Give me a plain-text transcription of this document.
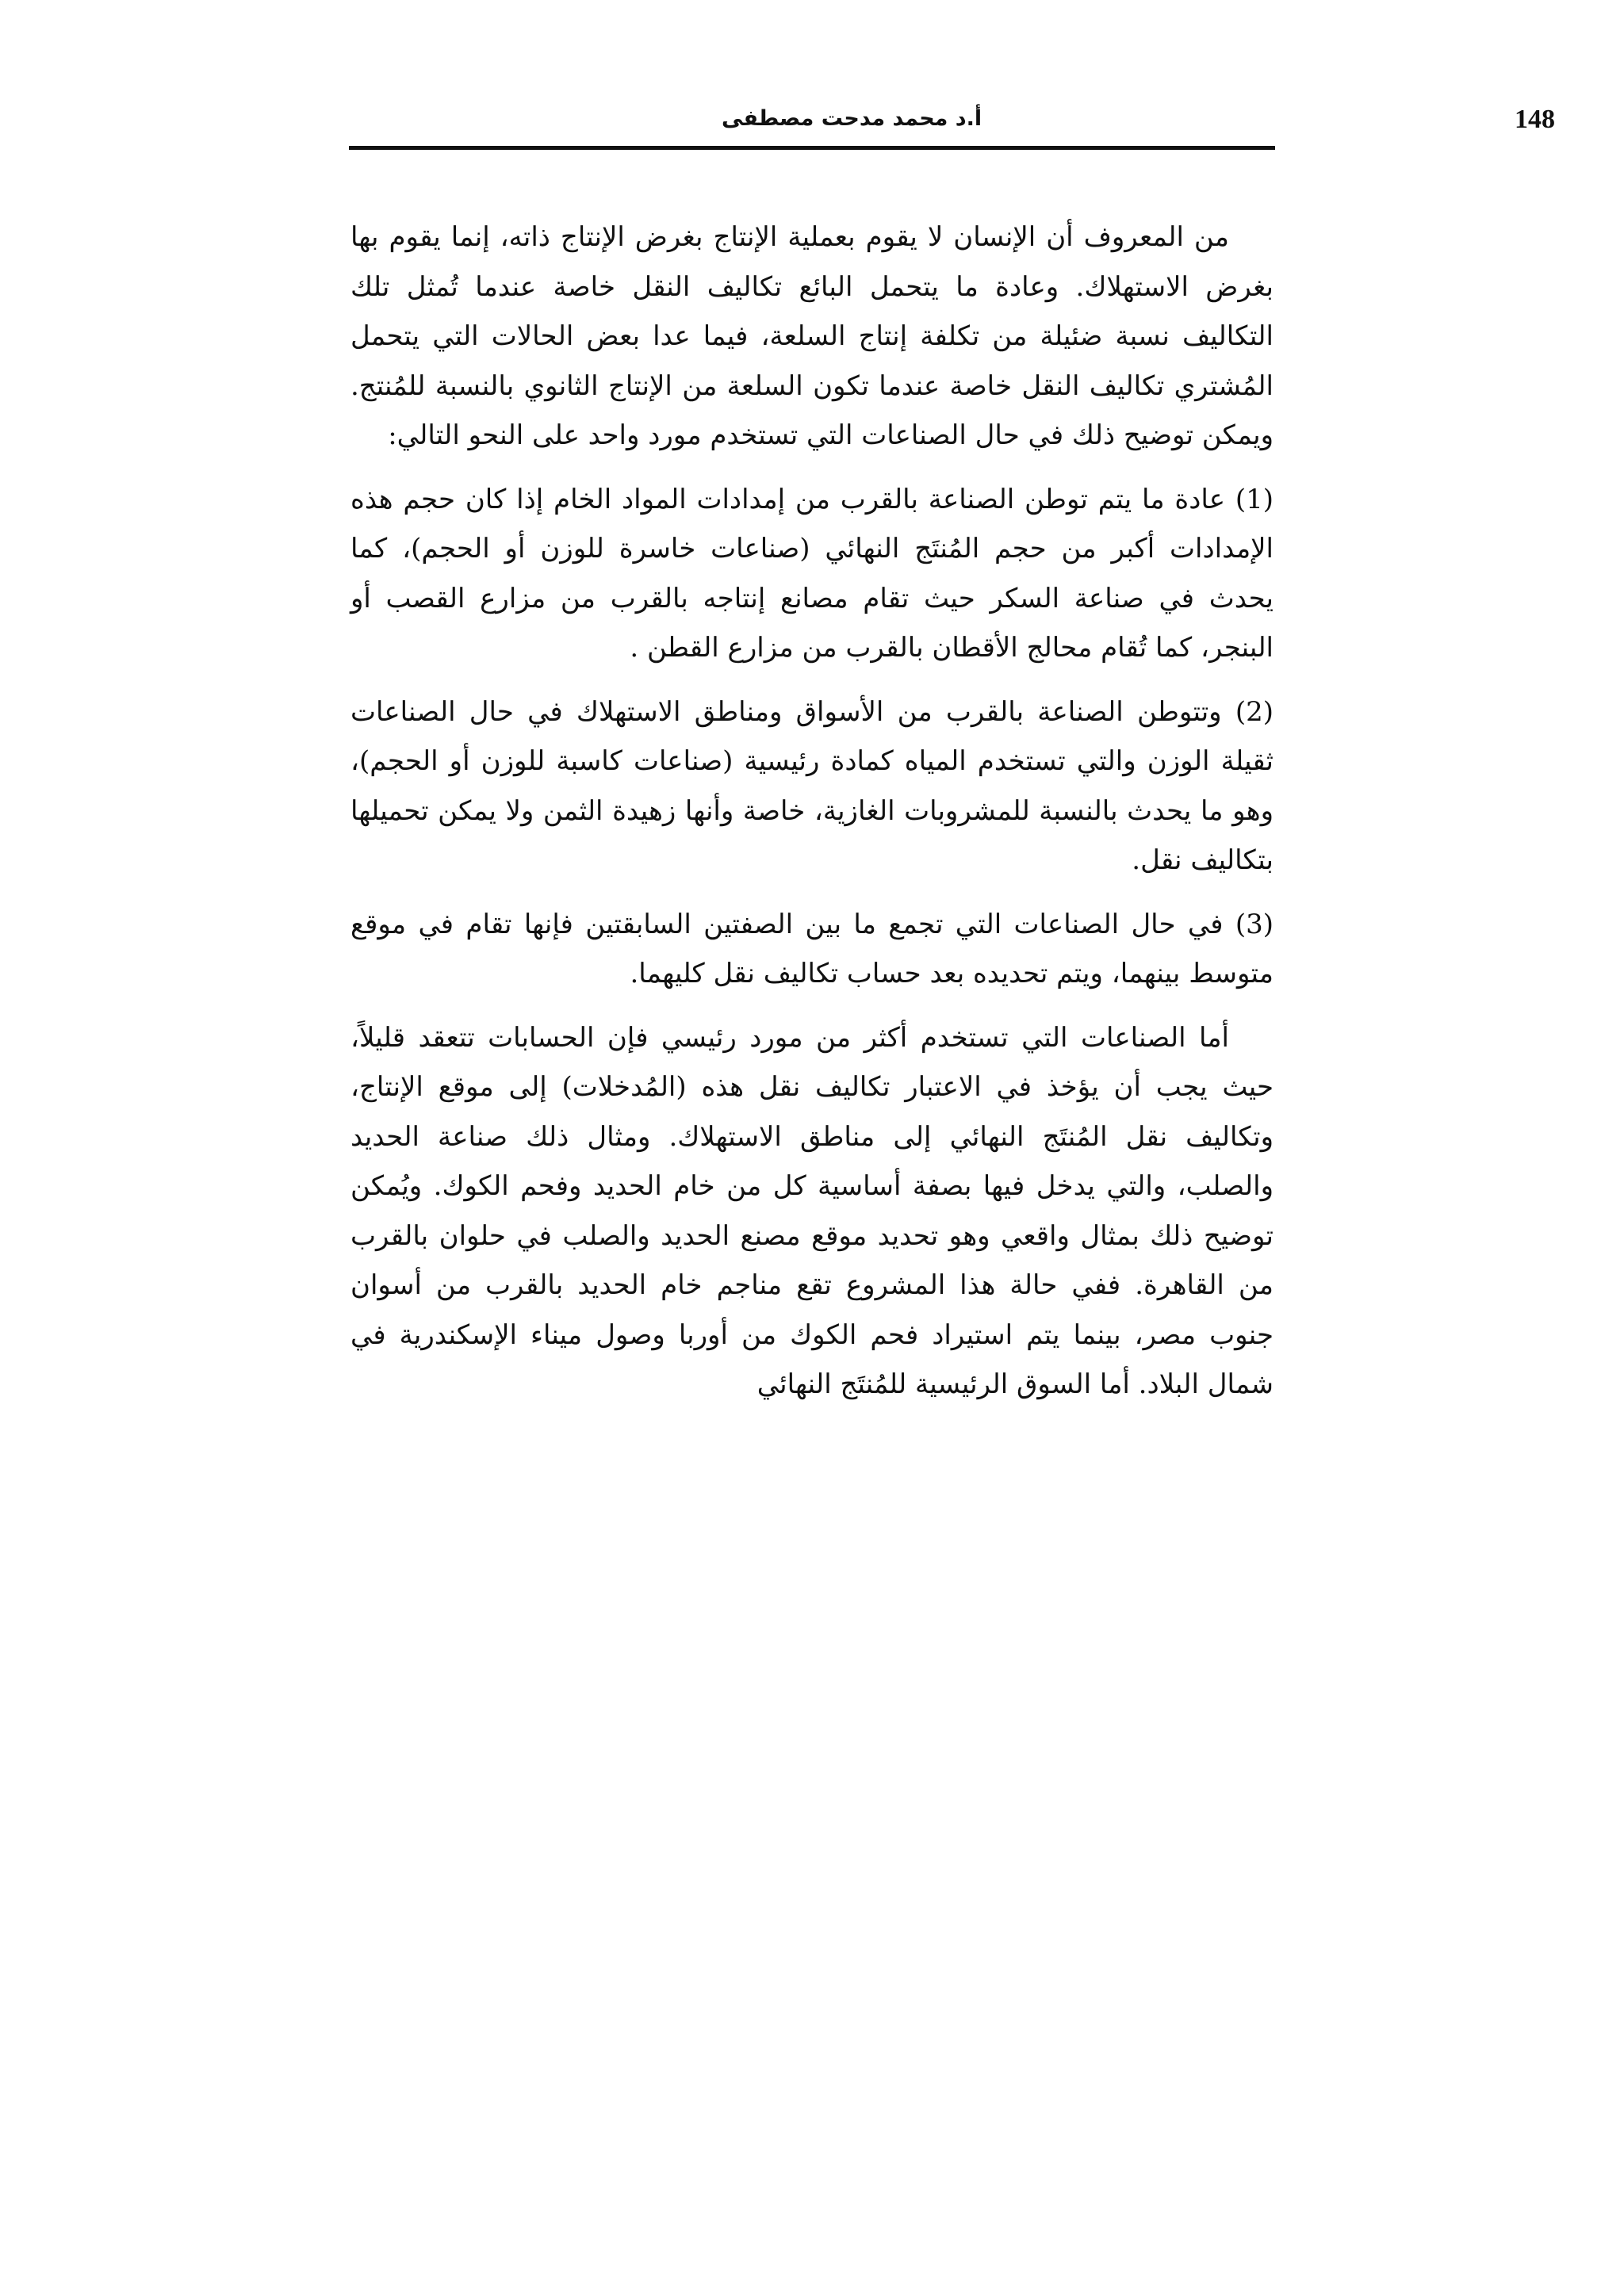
148
أ.د محمد مدحت مصطفى

من المعروف أن الإنسان لا يقوم بعملية الإنتاج بغرض الإنتاج ذاته، إنما يقوم بها بغرض الاستهلاك. وعادة ما يتحمل البائع تكاليف النقل خاصة عندما تُمثل تلك التكاليف نسبة ضئيلة من تكلفة إنتاج السلعة، فيما عدا بعض الحالات التي يتحمل المُشتري تكاليف النقل خاصة عندما تكون السلعة من الإنتاج الثانوي بالنسبة للمُنتج. ويمكن توضيح ذلك في حال الصناعات التي تستخدم مورد واحد على النحو التالي:

(1) عادة ما يتم توطن الصناعة بالقرب من إمدادات المواد الخام إذا كان حجم هذه الإمدادات أكبر من حجم المُنتَج النهائي (صناعات خاسرة للوزن أو الحجم)، كما يحدث في صناعة السكر حيث تقام مصانع إنتاجه بالقرب من مزارع القصب أو البنجر، كما تُقام محالج الأقطان بالقرب من مزارع القطن .

(2) وتتوطن الصناعة بالقرب من الأسواق ومناطق الاستهلاك في حال الصناعات ثقيلة الوزن والتي تستخدم المياه كمادة رئيسية (صناعات كاسبة للوزن أو الحجم)، وهو ما يحدث بالنسبة للمشروبات الغازية، خاصة وأنها زهيدة الثمن ولا يمكن تحميلها بتكاليف نقل.

(3) في حال الصناعات التي تجمع ما بين الصفتين السابقتين فإنها تقام في موقع متوسط بينهما، ويتم تحديده بعد حساب تكاليف نقل كليهما.

أما الصناعات التي تستخدم أكثر من مورد رئيسي فإن الحسابات تتعقد قليلاً، حيث يجب أن يؤخذ في الاعتبار تكاليف نقل هذه (المُدخلات) إلى موقع الإنتاج، وتكاليف نقل المُنتَج النهائي إلى مناطق الاستهلاك. ومثال ذلك صناعة الحديد والصلب، والتي يدخل فيها بصفة أساسية كل من خام الحديد وفحم الكوك. ويُمكن توضيح ذلك بمثال واقعي وهو تحديد موقع مصنع الحديد والصلب في حلوان بالقرب من القاهرة. ففي حالة هذا المشروع تقع مناجم خام الحديد بالقرب من أسوان جنوب مصر، بينما يتم استيراد فحم الكوك من أوربا وصول ميناء الإسكندرية في شمال البلاد. أما السوق الرئيسية للمُنتَج النهائي
